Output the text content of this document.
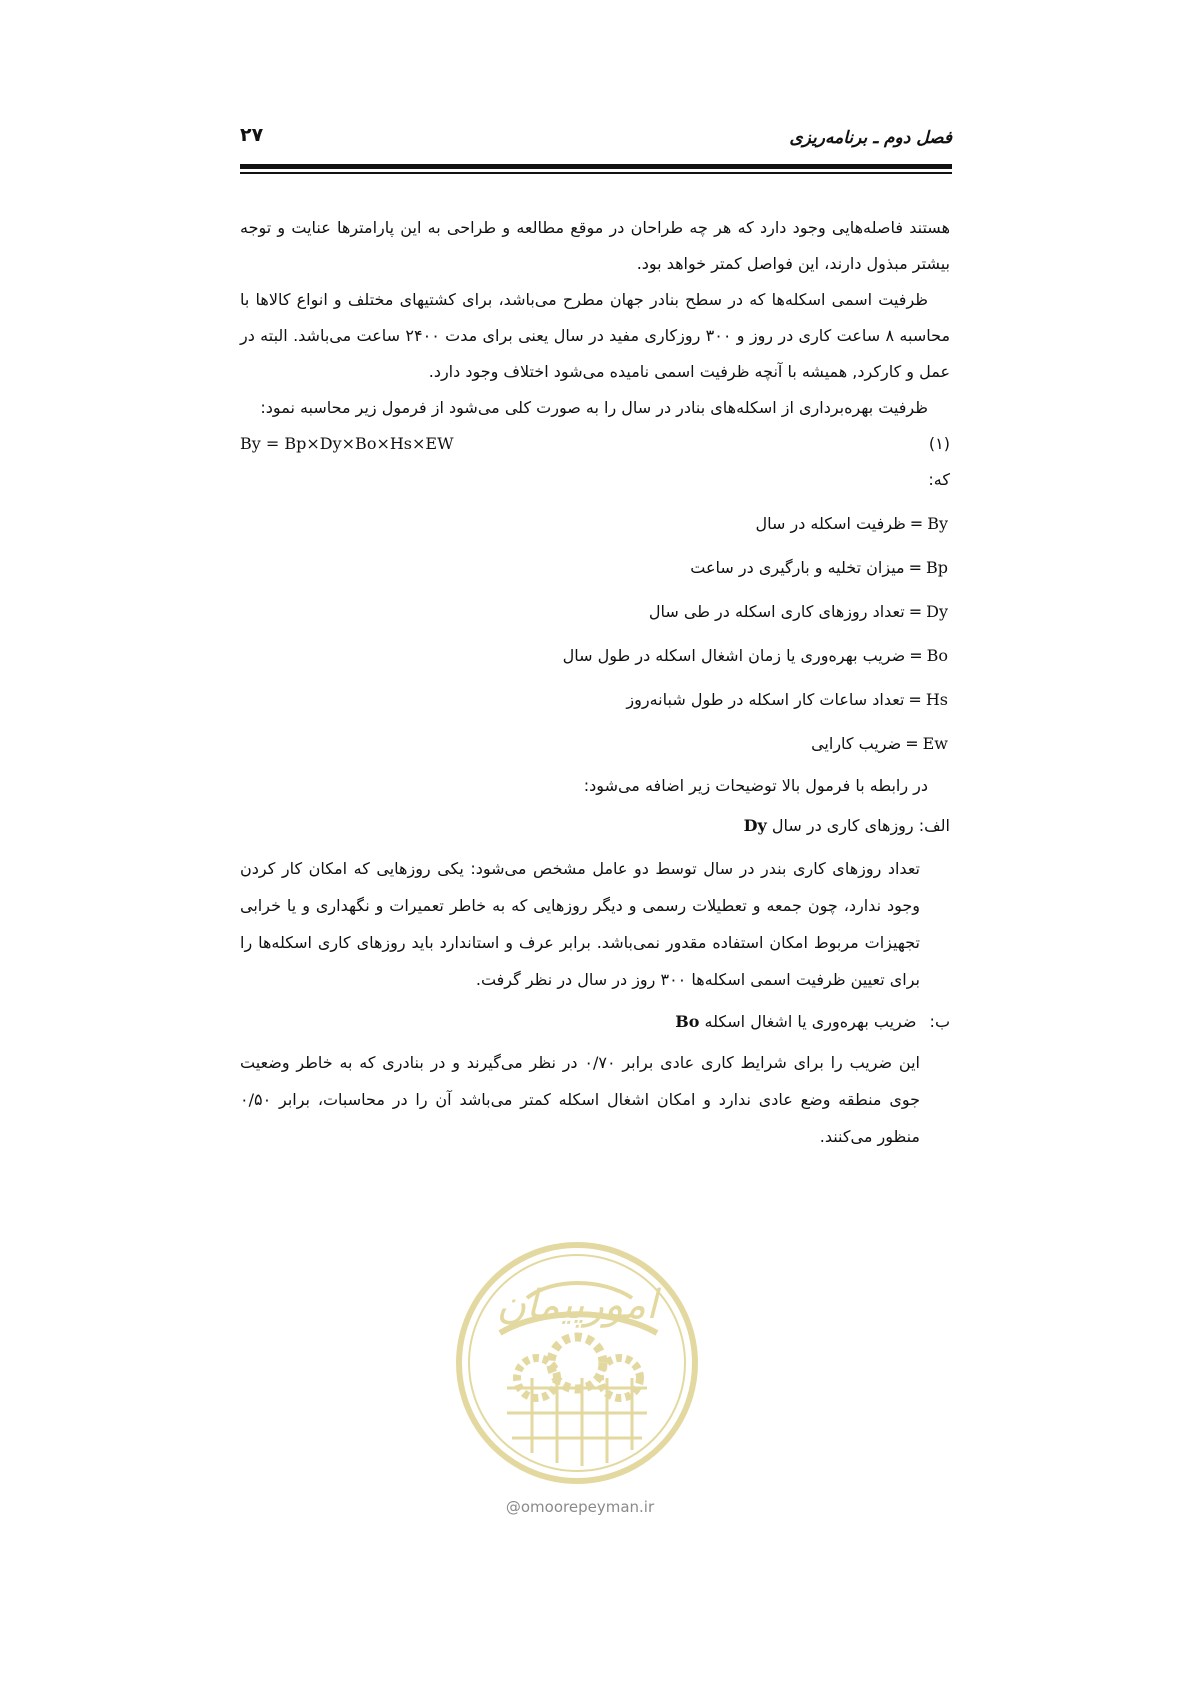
فصل دوم ـ برنامه‌ریزی
۲۷

هستند فاصله‌هایی وجود دارد که هر چه طراحان در موقع مطالعه و طراحی به این پارامترها عنایت و توجه بیشتر مبذول دارند، این فواصل کمتر خواهد بود.

ظرفیت اسمی اسکله‌ها که در سطح بنادر جهان مطرح می‌باشد، برای کشتیهای مختلف و انواع کالاها با محاسبه ۸ ساعت کاری در روز و ۳۰۰ روزکاری مفید در سال یعنی برای مدت ۲۴۰۰ ساعت می‌باشد. البته در عمل و کارکرد, همیشه با آنچه ظرفیت اسمی نامیده می‌شود اختلاف وجود دارد.

ظرفیت بهره‌برداری از اسکله‌های بنادر در سال را به صورت کلی می‌شود از فرمول زیر محاسبه نمود:

By = Bp×Dy×Bo×Hs×EW	(۱)

که:

By=ظرفیت اسکله در سال
Bp=میزان تخلیه و بارگیری در ساعت
Dy=تعداد روزهای کاری اسکله در طی سال
Bo=ضریب بهره‌وری یا زمان اشغال اسکله در طول سال
Hs=تعداد ساعات کار اسکله در طول شبانه‌روز
Ew=ضریب کارایی

در رابطه با فرمول بالا توضیحات زیر اضافه می‌شود:

الف: روزهای کاری در سال Dy

تعداد روزهای کاری بندر در سال توسط دو عامل مشخص می‌شود: یکی روزهایی که امکان کار کردن وجود ندارد، چون جمعه و تعطیلات رسمی و دیگر روزهایی که به خاطر تعمیرات و نگهداری و یا خرابی تجهیزات مربوط امکان استفاده مقدور نمی‌باشد. برابر عرف و استاندارد باید روزهای کاری اسکله‌ها را برای تعیین ظرفیت اسمی اسکله‌ها ۳۰۰ روز در سال در نظر گرفت.

ب: ضریب بهره‌وری یا اشغال اسکله Bo

این ضریب را برای شرایط کاری عادی برابر ۰/۷۰ در نظر می‌گیرند و در بنادری که به خاطر وضعیت جوی منطقه وضع عادی ندارد و امکان اشغال اسکله کمتر می‌باشد آن را در محاسبات، برابر ۰/۵۰ منظور می‌کنند.

امورپیمان
@omoorepeyman.ir
